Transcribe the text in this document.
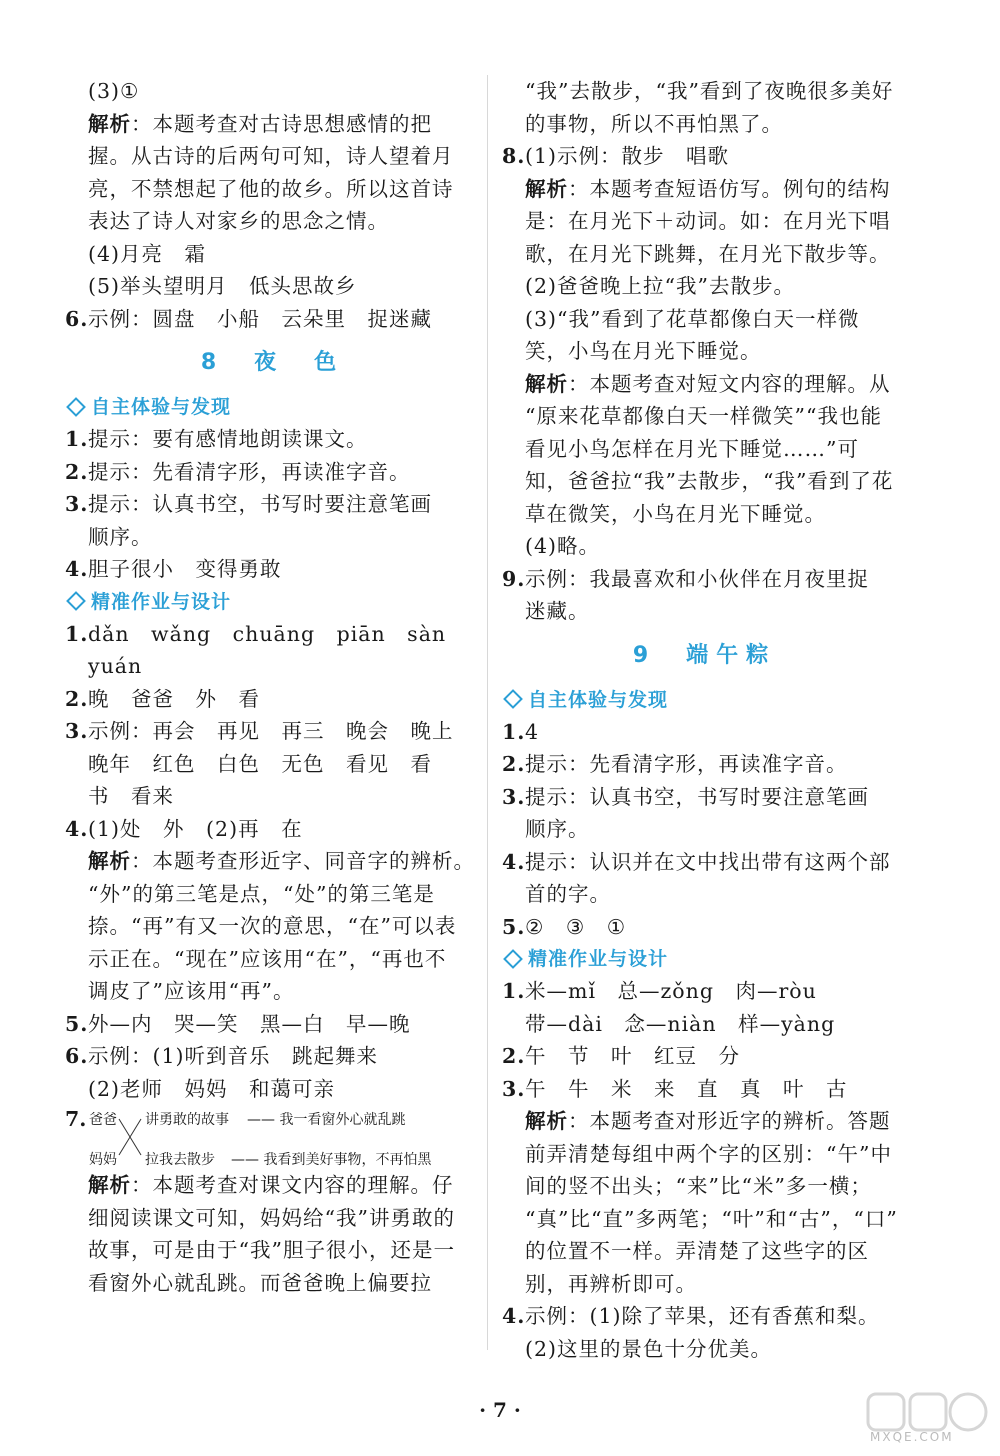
(3)①
解析：本题考查对古诗思想感情的把
握。从古诗的后两句可知，诗人望着月
亮，不禁想起了他的故乡。所以这首诗
表达了诗人对家乡的思念之情。
(4)月亮　霜
(5)举头望明月　低头思故乡
6.示例：圆盘　小船　云朵里　捉迷藏
8　夜　色
自主体验与发现
1.提示：要有感情地朗读课文。
2.提示：先看清字形，再读准字音。
3.提示：认真书空，书写时要注意笔画
顺序。
4.胆子很小　变得勇敢
精准作业与设计
1.dǎn　wǎng　chuāng　piān　sàn
yuán
2.晚　爸爸　外　看
3.示例：再会　再见　再三　晚会　晚上
晚年　红色　白色　无色　看见　看
书　看来
4.(1)处　外　(2)再　在
解析：本题考查形近字、同音字的辨析。
“外”的第三笔是点，“处”的第三笔是
捺。“再”有又一次的意思，“在”可以表
示正在。“现在”应该用“在”，“再也不
调皮了”应该用“再”。
5.外—内　哭—笑　黑—白　早—晚
6.示例：(1)听到音乐　跳起舞来
(2)老师　妈妈　和蔼可亲
7. 爸爸 讲勇敢的故事 —— 我一看窗外心就乱跳
妈妈 拉我去散步 —— 我看到美好事物，不再怕黑
解析：本题考查对课文内容的理解。仔
细阅读课文可知，妈妈给“我”讲勇敢的
故事，可是由于“我”胆子很小，还是一
看窗外心就乱跳。而爸爸晚上偏要拉
“我”去散步，“我”看到了夜晚很多美好
的事物，所以不再怕黑了。
8.(1)示例：散步　唱歌
解析：本题考查短语仿写。例句的结构
是：在月光下＋动词。如：在月光下唱
歌，在月光下跳舞，在月光下散步等。
(2)爸爸晚上拉“我”去散步。
(3)“我”看到了花草都像白天一样微
笑，小鸟在月光下睡觉。
解析：本题考查对短文内容的理解。从
“原来花草都像白天一样微笑”“我也能
看见小鸟怎样在月光下睡觉……”可
知，爸爸拉“我”去散步，“我”看到了花
草在微笑，小鸟在月光下睡觉。
(4)略。
9.示例：我最喜欢和小伙伴在月夜里捉
迷藏。
9　端午粽
自主体验与发现
1.4
2.提示：先看清字形，再读准字音。
3.提示：认真书空，书写时要注意笔画
顺序。
4.提示：认识并在文中找出带有这两个部
首的字。
5.②　③　①
精准作业与设计
1.米—mǐ　总—zǒng　肉—ròu
带—dài　念—niàn　样—yàng
2.午　节　叶　红豆　分
3.午　牛　米　来　直　真　叶　古
解析：本题考查对形近字的辨析。答题
前弄清楚每组中两个字的区别：“午”中
间的竖不出头；“来”比“米”多一横；
“真”比“直”多两笔；“叶”和“古”，“口”
的位置不一样。弄清楚了这些字的区
别，再辨析即可。
4.示例：(1)除了苹果，还有香蕉和梨。
(2)这里的景色十分优美。
· 7 ·
MXQE.COM
